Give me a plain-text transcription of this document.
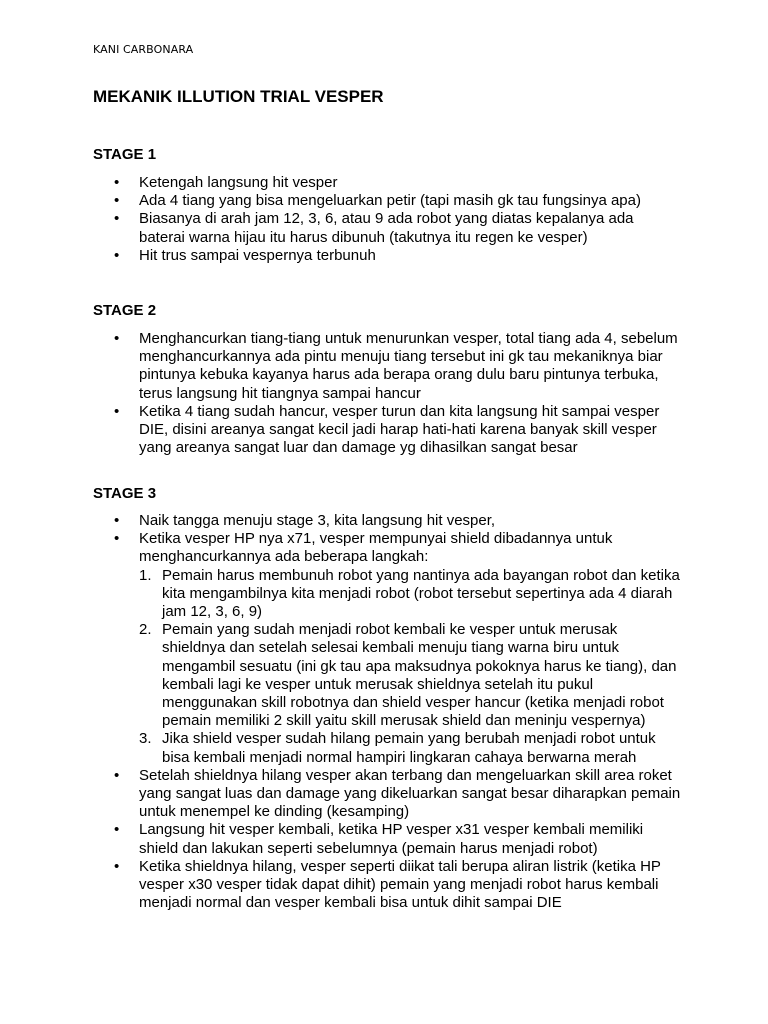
KANI CARBONARA
MEKANIK ILLUTION TRIAL VESPER
STAGE 1
• Ketengah langsung hit vesper
• Ada 4 tiang yang bisa mengeluarkan petir (tapi masih gk tau fungsinya apa)
• Biasanya di arah jam 12, 3, 6, atau 9 ada robot yang diatas kepalanya ada baterai warna hijau itu harus dibunuh (takutnya itu regen ke vesper)
• Hit trus sampai vespernya terbunuh
STAGE 2
• Menghancurkan tiang-tiang untuk menurunkan vesper, total tiang ada 4, sebelum menghancurkannya ada pintu menuju tiang tersebut ini gk tau mekaniknya biar pintunya kebuka kayanya harus ada berapa orang dulu baru pintunya terbuka, terus langsung hit tiangnya sampai hancur
• Ketika 4 tiang sudah hancur, vesper turun dan kita langsung hit sampai vesper DIE, disini areanya sangat kecil jadi harap hati-hati karena banyak skill vesper yang areanya sangat luar dan damage yg dihasilkan sangat besar
STAGE 3
• Naik tangga menuju stage 3, kita langsung hit vesper,
• Ketika vesper HP nya x71, vesper mempunyai shield dibadannya untuk menghancurkannya ada beberapa langkah:
1. Pemain harus membunuh robot yang nantinya ada bayangan robot dan ketika kita mengambilnya kita menjadi robot (robot tersebut sepertinya ada 4 diarah jam 12, 3, 6, 9)
2. Pemain yang sudah menjadi robot kembali ke vesper untuk merusak shieldnya dan setelah selesai kembali menuju tiang warna biru untuk mengambil sesuatu (ini gk tau apa maksudnya pokoknya harus ke tiang), dan kembali lagi ke vesper untuk merusak shieldnya setelah itu pukul menggunakan skill robotnya dan shield vesper hancur (ketika menjadi robot pemain memiliki 2 skill yaitu skill merusak shield dan meninju vespernya)
3. Jika shield vesper sudah hilang pemain yang berubah menjadi robot untuk bisa kembali menjadi normal hampiri lingkaran cahaya berwarna merah
• Setelah shieldnya hilang vesper akan terbang dan mengeluarkan skill area roket yang sangat luas dan damage yang dikeluarkan sangat besar diharapkan pemain untuk menempel ke dinding (kesamping)
• Langsung hit vesper kembali, ketika HP vesper x31 vesper kembali memiliki shield dan lakukan seperti sebelumnya (pemain harus menjadi robot)
• Ketika shieldnya hilang, vesper seperti diikat tali berupa aliran listrik (ketika HP vesper x30 vesper tidak dapat dihit) pemain yang menjadi robot harus kembali menjadi normal dan vesper kembali bisa untuk dihit sampai DIE
